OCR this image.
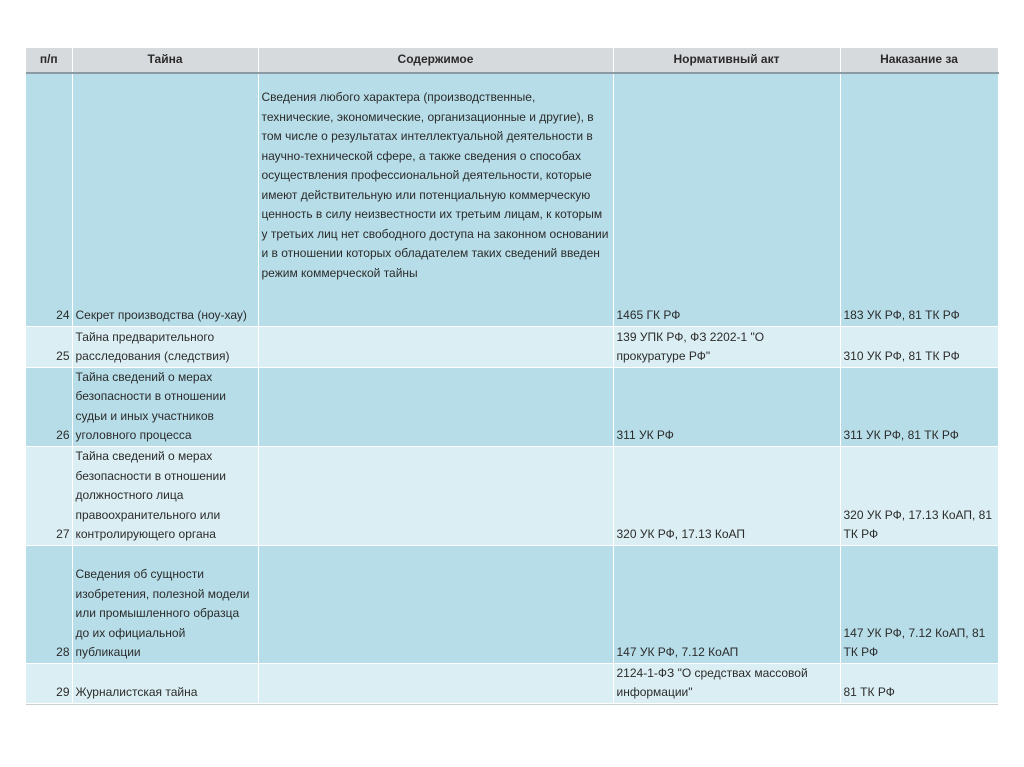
п/п	Тайна	Содержимое	Нормативный акт	Наказание за
24	Секрет производства (ноу-хау)	Сведения любого характера (производственные, технические, экономические, организационные и другие), в том числе о результатах интеллектуальной деятельности в научно-технической сфере, а также сведения о способах осуществления профессиональной деятельности, которые имеют действительную или потенциальную коммерческую ценность в силу неизвестности их третьим лицам, к которым у третьих лиц нет свободного доступа на законном основании и в отношении которых обладателем таких сведений введен режим коммерческой тайны	1465 ГК РФ	183 УК РФ, 81 ТК РФ
25	Тайна предварительного расследования (следствия)		139 УПК РФ, ФЗ 2202-1 "О прокуратуре РФ"	310 УК РФ, 81 ТК РФ
26	Тайна сведений о мерах безопасности в отношении судьи и иных участников уголовного процесса		311 УК РФ	311 УК РФ, 81 ТК РФ
27	Тайна сведений о мерах безопасности в отношении должностного лица правоохранительного или контролирующего органа		320 УК РФ, 17.13 КоАП	320 УК РФ, 17.13 КоАП, 81 ТК РФ
28	Сведения об сущности изобретения, полезной модели или промышленного образца до их официальной публикации		147 УК РФ, 7.12 КоАП	147 УК РФ, 7.12 КоАП, 81 ТК РФ
29	Журналистская тайна		2124-1-ФЗ "О средствах массовой информации"	81 ТК РФ
